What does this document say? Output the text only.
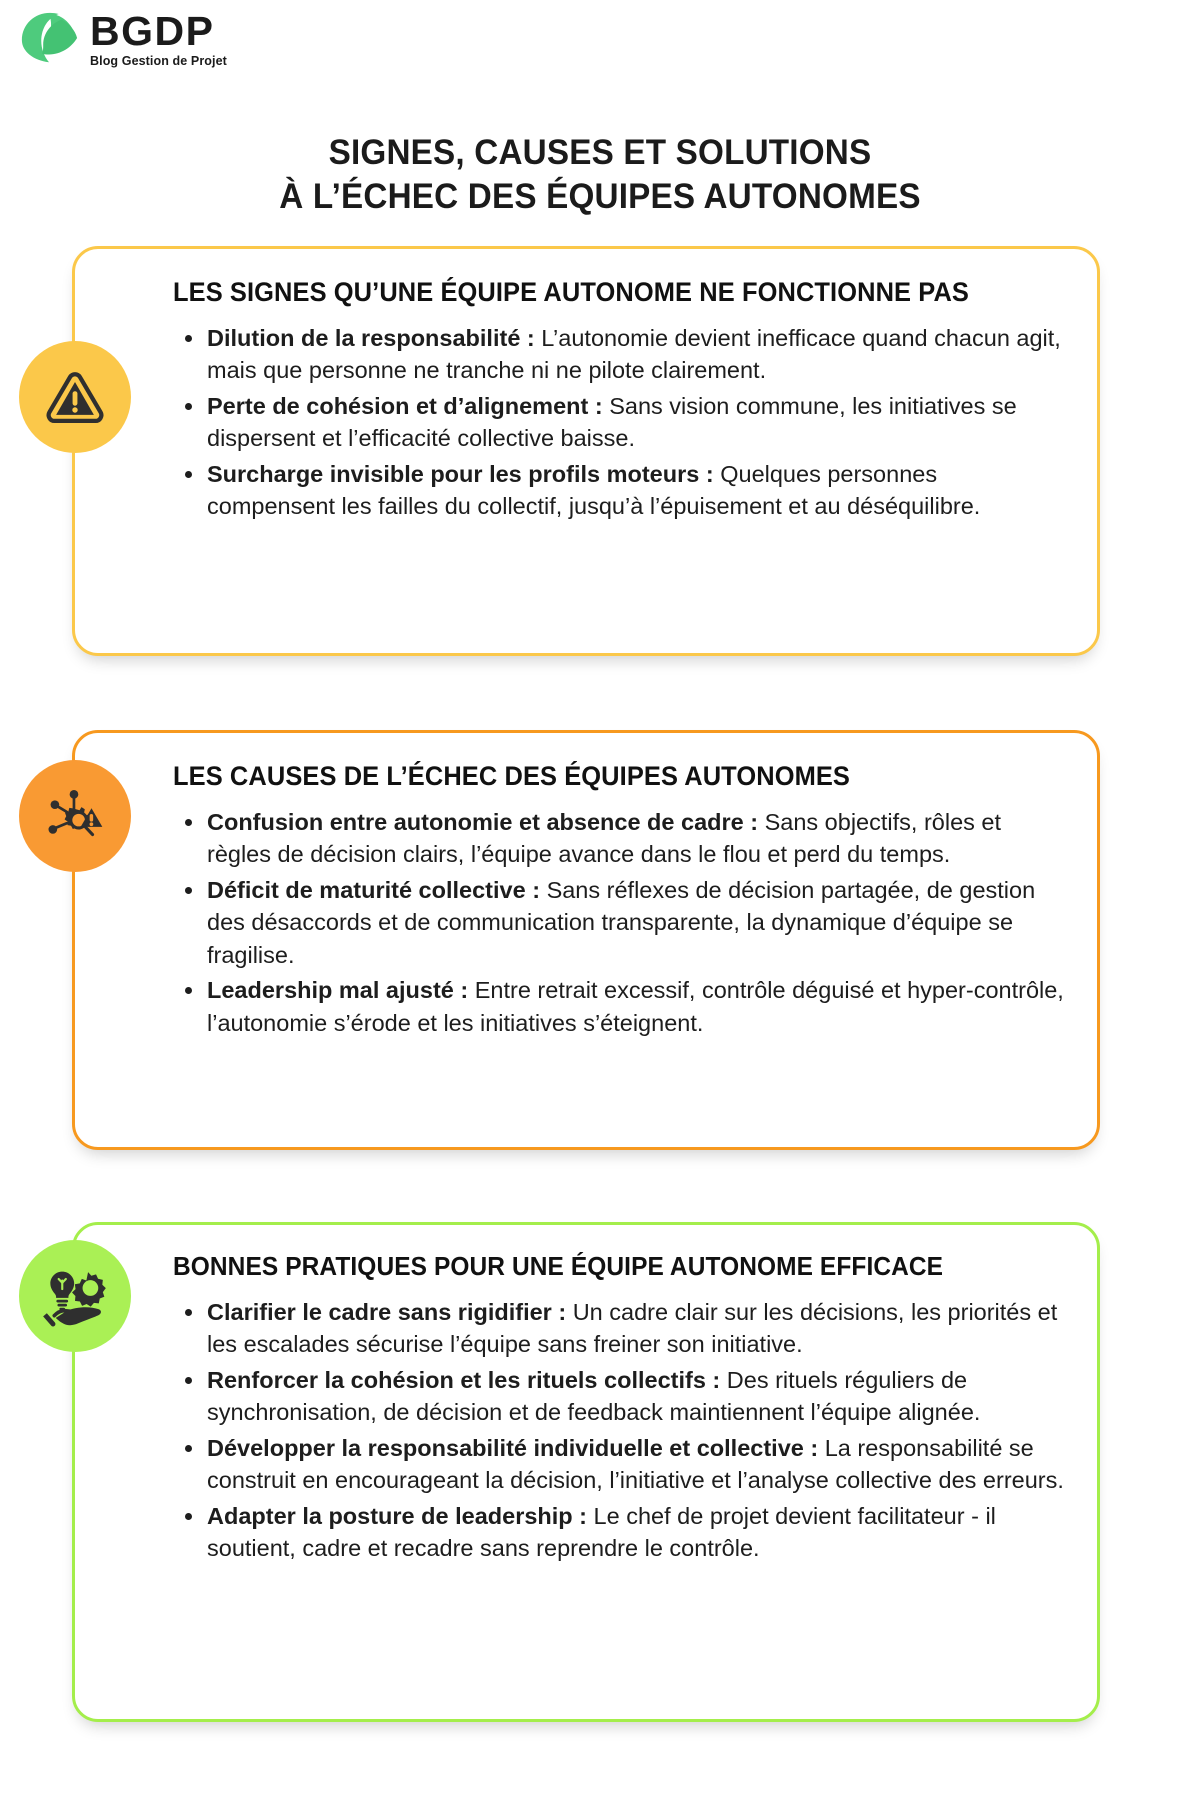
BGDP
Blog Gestion de Projet
SIGNES, CAUSES ET SOLUTIONS
À L’ÉCHEC DES ÉQUIPES AUTONOMES
LES SIGNES QU’UNE ÉQUIPE AUTONOME NE FONCTIONNE PAS
Dilution de la responsabilité : L’autonomie devient inefficace quand chacun agit, mais que personne ne tranche ni ne pilote clairement.
Perte de cohésion et d’alignement : Sans vision commune, les initiatives se dispersent et l’efficacité collective baisse.
Surcharge invisible pour les profils moteurs : Quelques personnes compensent les failles du collectif, jusqu’à l’épuisement et au déséquilibre.
LES CAUSES DE L’ÉCHEC DES ÉQUIPES AUTONOMES
Confusion entre autonomie et absence de cadre : Sans objectifs, rôles et règles de décision clairs, l’équipe avance dans le flou et perd du temps.
Déficit de maturité collective : Sans réflexes de décision partagée, de gestion des désaccords et de communication transparente, la dynamique d’équipe se fragilise.
Leadership mal ajusté : Entre retrait excessif, contrôle déguisé et hyper-contrôle, l’autonomie s’érode et les initiatives s’éteignent.
BONNES PRATIQUES POUR UNE ÉQUIPE AUTONOME EFFICACE
Clarifier le cadre sans rigidifier : Un cadre clair sur les décisions, les priorités et les escalades sécurise l’équipe sans freiner son initiative.
Renforcer la cohésion et les rituels collectifs : Des rituels réguliers de synchronisation, de décision et de feedback maintiennent l’équipe alignée.
Développer la responsabilité individuelle et collective : La responsabilité se construit en encourageant la décision, l’initiative et l’analyse collective des erreurs.
Adapter la posture de leadership : Le chef de projet devient facilitateur - il soutient, cadre et recadre sans reprendre le contrôle.
